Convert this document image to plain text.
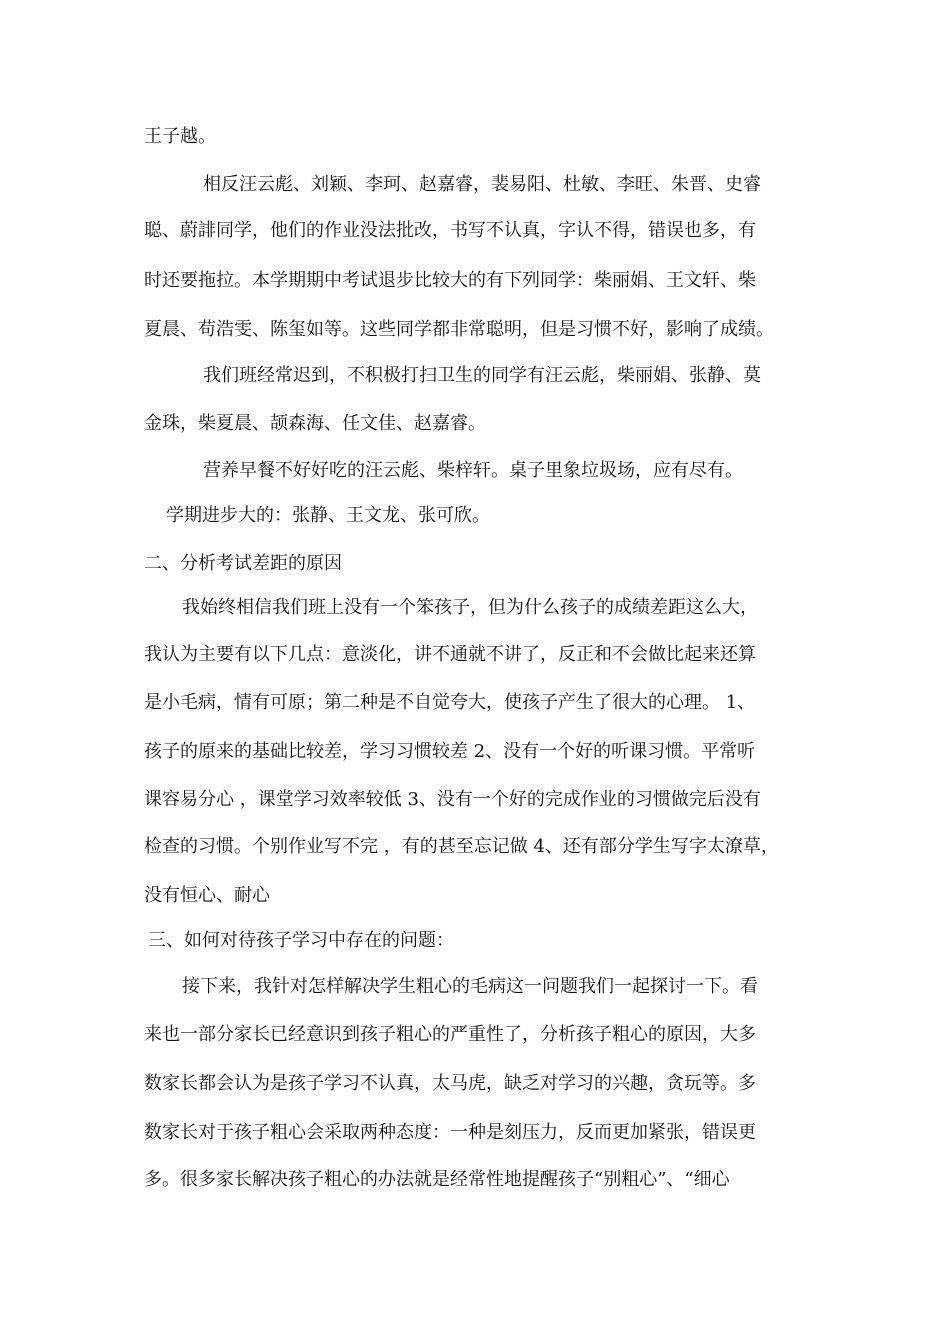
王子越。
相反汪云彪、刘颖、李珂、赵嘉睿，裴易阳、杜敏、李旺、朱晋、史睿
聪、蔚誹同学，他们的作业没法批改，书写不认真，字认不得，错误也多，有
时还要拖拉。本学期期中考试退步比较大的有下列同学：柴丽娟、王文轩、柴
夏晨、苟浩雯、陈玺如等。这些同学都非常聪明，但是习惯不好，影响了成绩。
我们班经常迟到，不积极打扫卫生的同学有汪云彪，柴丽娟、张静、莫
金珠，柴夏晨、颉森海、任文佳、赵嘉睿。
营养早餐不好好吃的汪云彪、柴梓轩。桌子里象垃圾场，应有尽有。
学期进步大的：张静、王文龙、张可欣。
二、分析考试差距的原因
我始终相信我们班上没有一个笨孩子，但为什么孩子的成绩差距这么大，
我认为主要有以下几点：意淡化，讲不通就不讲了，反正和不会做比起来还算
是小毛病，情有可原；第二种是不自觉夸大，使孩子产生了很大的心理。 1、
孩子的原来的基础比较差，学习习惯较差 2、没有一个好的听课习惯。平常听
课容易分心 ，课堂学习效率较低 3、没有一个好的完成作业的习惯做完后没有
检查的习惯。个别作业写不完 ，有的甚至忘记做 4、还有部分学生写字太潦草，
没有恒心、耐心
三、如何对待孩子学习中存在的问题：
接下来，我针对怎样解决学生粗心的毛病这一问题我们一起探讨一下。看
来也一部分家长已经意识到孩子粗心的严重性了，分析孩子粗心的原因，大多
数家长都会认为是孩子学习不认真，太马虎，缺乏对学习的兴趣，贪玩等。多
数家长对于孩子粗心会采取两种态度：一种是刻压力，反而更加紧张，错误更
多。很多家长解决孩子粗心的办法就是经常性地提醒孩子“别粗心”、“细心
